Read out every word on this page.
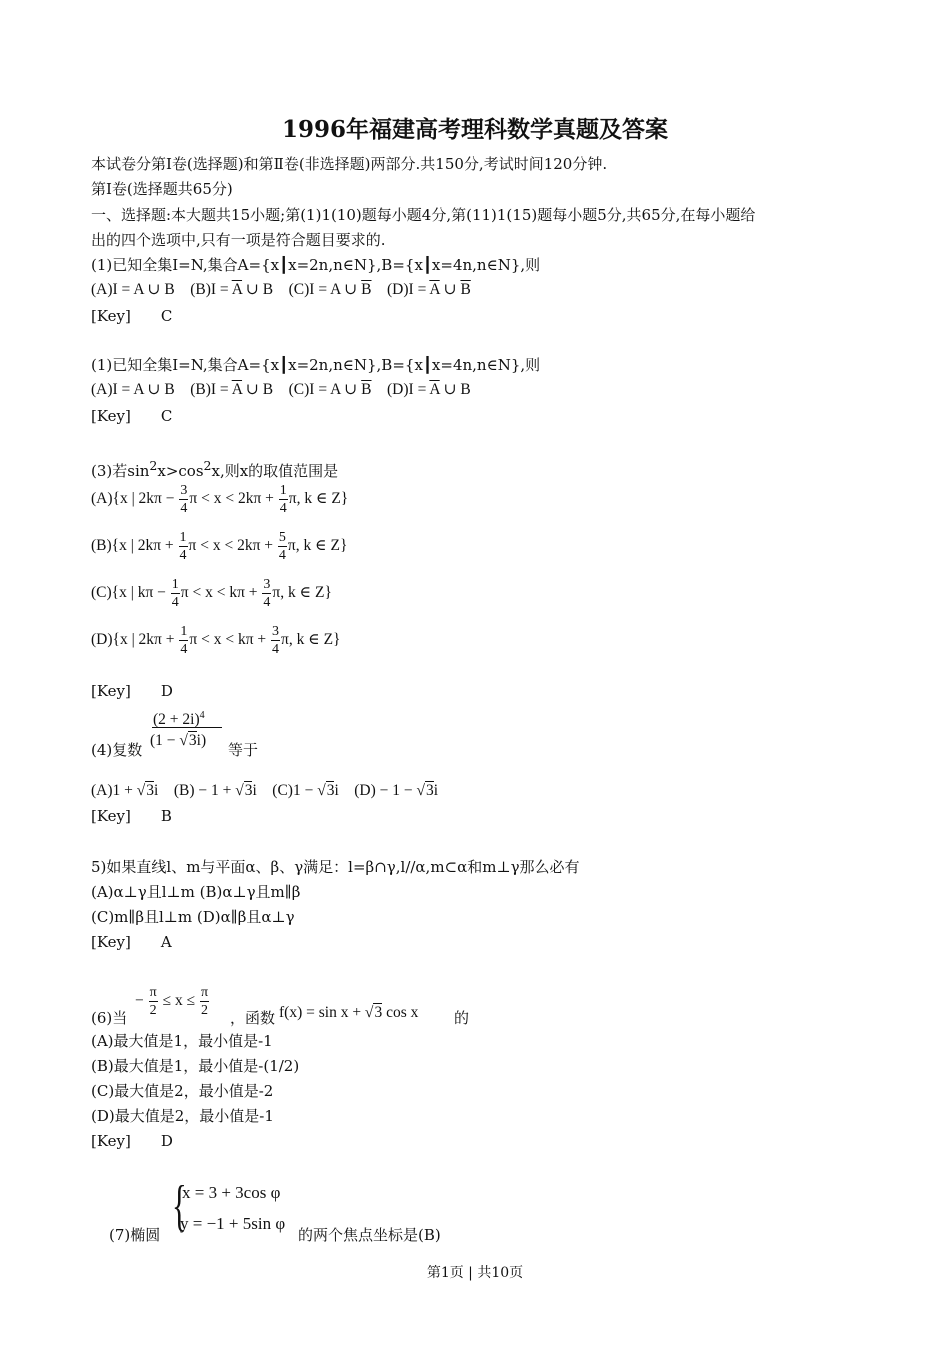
1996年福建高考理科数学真题及答案
本试卷分第Ⅰ卷(选择题)和第Ⅱ卷(非选择题)两部分.共150分,考试时间120分钟.
第Ⅰ卷(选择题共65分)
一、选择题:本大题共15小题;第(1)1(10)题每小题4分,第(11)1(15)题每小题5分,共65分,在每小题给
出的四个选项中,只有一项是符合题目要求的.
(1)已知全集I=N,集合A={x┃x=2n,n∈N},B={x┃x=4n,n∈N},则
(A)I = A ∪ B    $(B)I = \overline{A}$ ∪ B    (C)I = A ∪ $\overline{B}$    $(D)I = \overline{A}$ ∪ $\overline{B}$
[Key]　　C
(1)已知全集I=N,集合A={x┃x=2n,n∈N},B={x┃x=4n,n∈N},则
(A)I = A ∪ B    $(B)I = \overline{A}$ ∪ B    (C)I = A ∪ $\overline{B}$    $(D)I = \overline{A}$ ∪ B
[Key]　　C
(3)若$\sin^2x>\cos^2x$,则x的取值范围是
(A){x | $2k\pi - \frac{3}{4}$ $\pi < x < 2k\pi + \frac{1}{4} \pi$, k ∈ Z}
(B){x | $2k\pi + \frac{1}{4}$ $\pi < x < 2k\pi + \frac{5}{4} \pi$, k ∈ Z}
(C){x | $k\pi - \frac{1}{4}$ $\pi < x < k\pi + \frac{3}{4} \pi$, k ∈ Z}
(D){x | $2k\pi + \frac{1}{4}$ $\pi < x < k\pi + \frac{3}{4} \pi$, k ∈ Z}
[Key]　　D
$(2 + 2i)^4$
(1 − √3i)
(4)复数	等于
(A)1 + √3i    (B) − 1 + √3i    (C)1 − √3i    (D) − 1 − √3i
[Key]　　B
5)如果直线l、m与平面α、β、γ满足：l=β∩γ,l//α,m⊂α和m⊥γ那么必有
(A)α⊥γ且l⊥m (B)α⊥γ且m∥β
(C)m∥β且l⊥m (D)α∥β且α⊥γ
[Key]　　A
− $\frac{\pi}{2} \le x \le \frac{\pi}{2}$
(6)当	，函数 f(x) = sin x + √3 cos x 的
(A)最大值是1，最小值是-1
(B)最大值是1，最小值是-(1/2)
(C)最大值是2，最小值是-2
(D)最大值是2，最小值是-1
[Key]　　D
{
x = 3 + 3cos φ
y = −1 + 5sin φ
(7)椭圆	的两个焦点坐标是(B)
第1页 | 共10页
